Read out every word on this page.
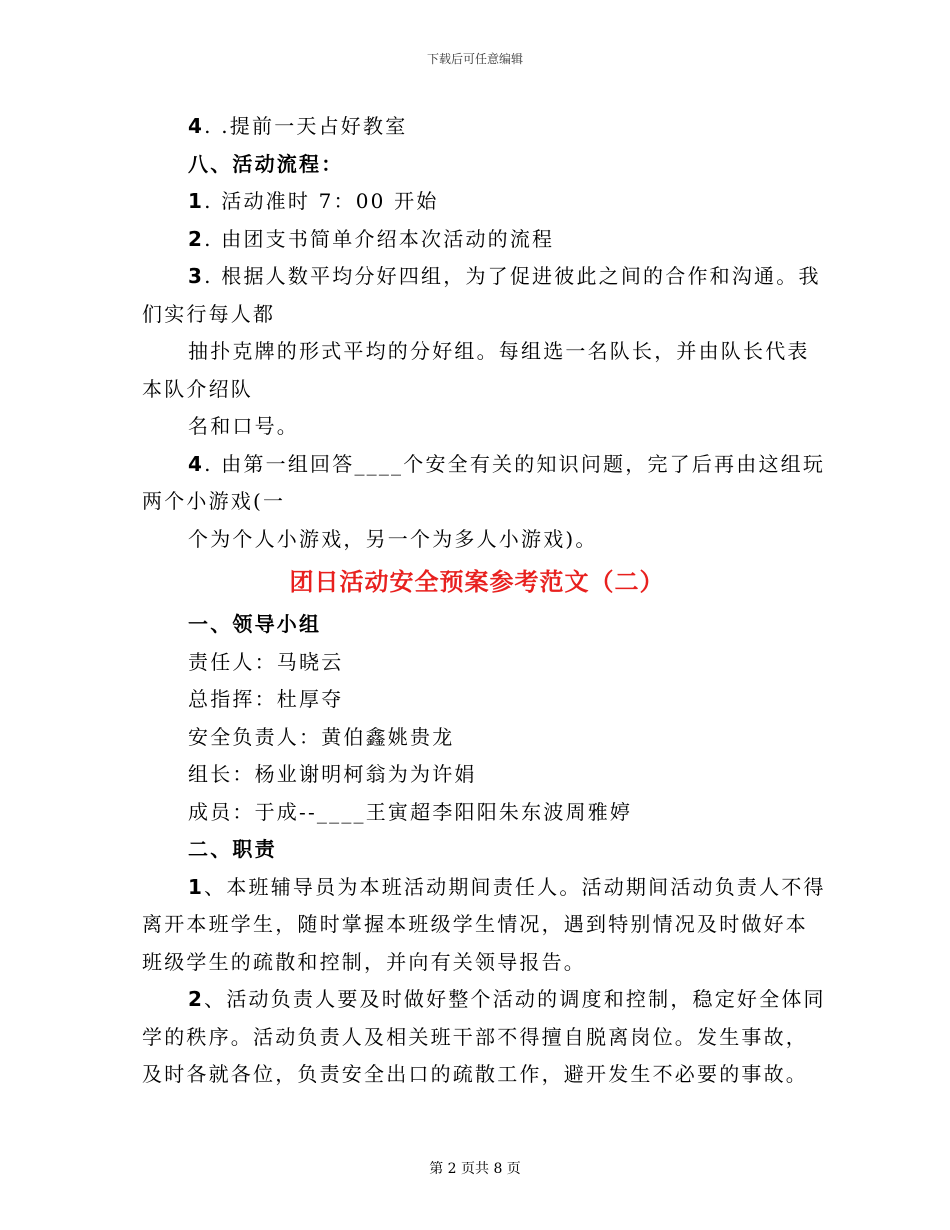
下载后可任意编辑
4. .提前一天占好教室
八、活动流程：
1. 活动准时 7：00 开始
2. 由团支书简单介绍本次活动的流程
3. 根据人数平均分好四组，为了促进彼此之间的合作和沟通。我
们实行每人都
抽扑克牌的形式平均的分好组。每组选一名队长，并由队长代表
本队介绍队
名和口号。
4. 由第一组回答____个安全有关的知识问题，完了后再由这组玩
两个小游戏(一
个为个人小游戏，另一个为多人小游戏)。
团日活动安全预案参考范文（二）
一、领导小组
责任人：马晓云
总指挥：杜厚夺
安全负责人：黄伯鑫姚贵龙
组长：杨业谢明柯翁为为许娟
成员：于成--____王寅超李阳阳朱东波周雅婷
二、职责
1、本班辅导员为本班活动期间责任人。活动期间活动负责人不得
离开本班学生，随时掌握本班级学生情况，遇到特别情况及时做好本
班级学生的疏散和控制，并向有关领导报告。
2、活动负责人要及时做好整个活动的调度和控制，稳定好全体同
学的秩序。活动负责人及相关班干部不得擅自脱离岗位。发生事故，
及时各就各位，负责安全出口的疏散工作，避开发生不必要的事故。
第 2 页共 8 页
